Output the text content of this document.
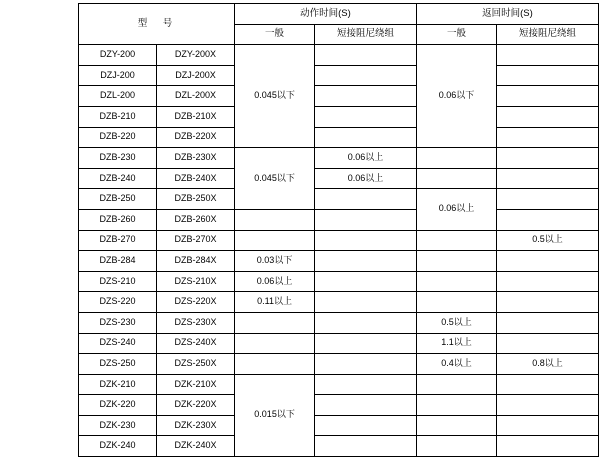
型　号		动作时间(S)		返回时间(S)	
		一般	短接阻尼绕组	一般	短接阻尼绕组
DZY-200	DZY-200X	0.045以下		0.06以下	
DZJ-200	DZJ-200X				
DZL-200	DZL-200X				
DZB-210	DZB-210X				
DZB-220	DZB-220X				
DZB-230	DZB-230X	0.045以下	0.06以上		
DZB-240	DZB-240X		0.06以上		
DZB-250	DZB-250X			0.06以上	
DZB-260	DZB-260X				
DZB-270	DZB-270X				0.5以上
DZB-284	DZB-284X	0.03以下			
DZS-210	DZS-210X	0.06以上			
DZS-220	DZS-220X	0.11以上			
DZS-230	DZS-230X			0.5以上	
DZS-240	DZS-240X			1.1以上	
DZS-250	DZS-250X			0.4以上	0.8以上
DZK-210	DZK-210X	0.015以下			
DZK-220	DZK-220X				
DZK-230	DZK-230X				
DZK-240	DZK-240X				
